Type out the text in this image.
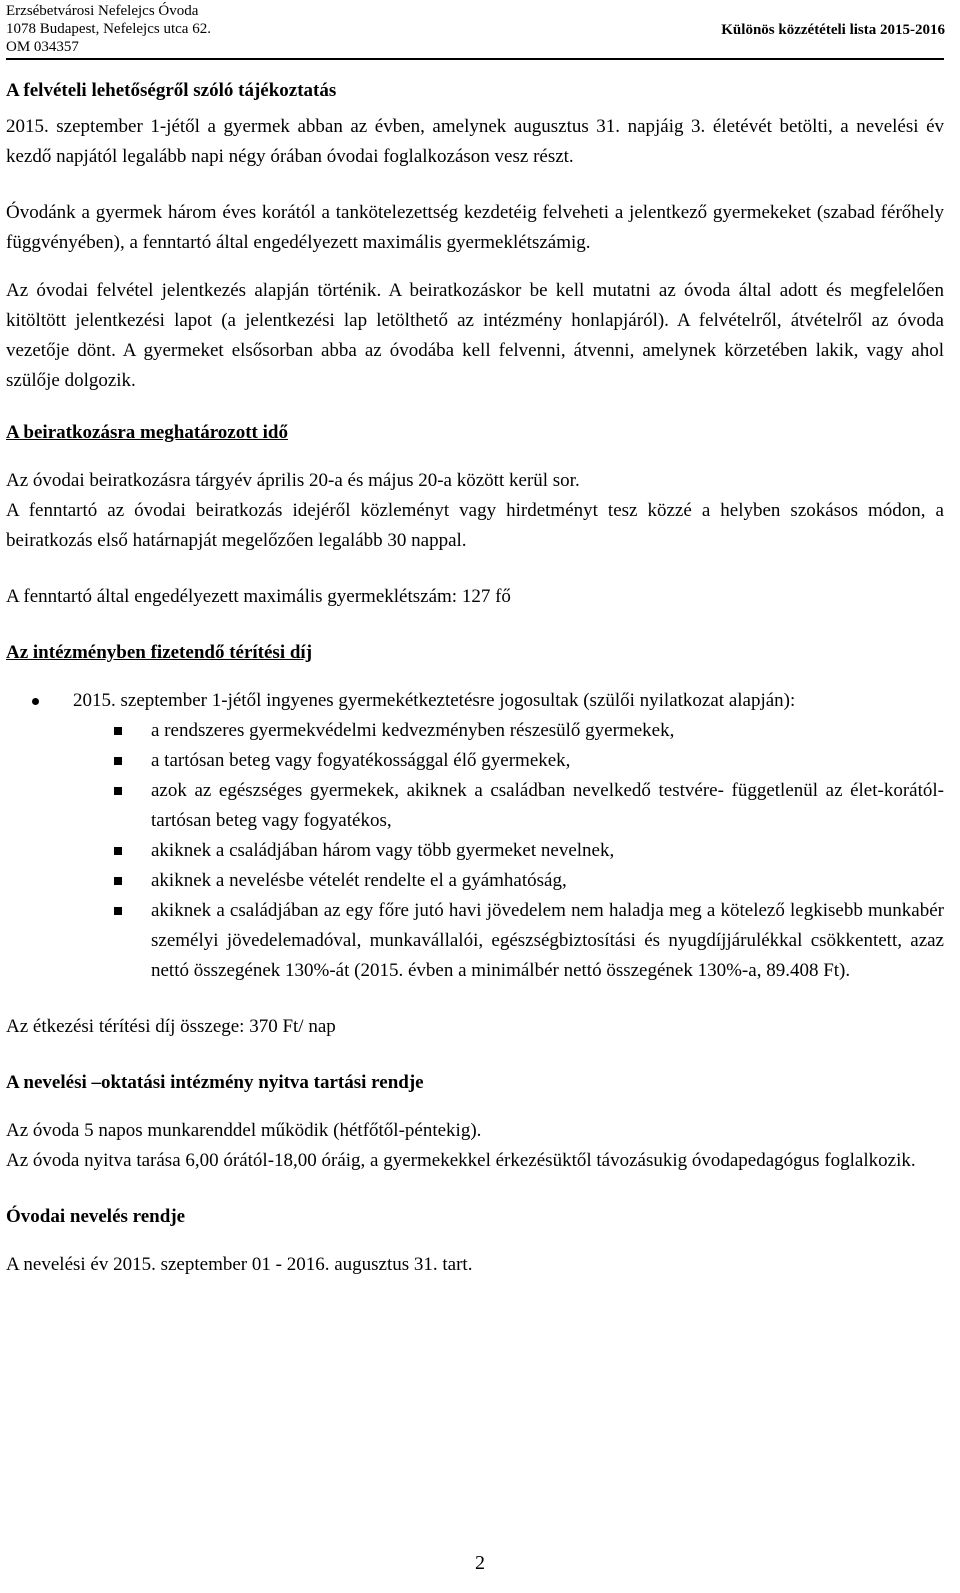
Erzsébetvárosi Nefelejcs Óvoda
1078 Budapest, Nefelejcs utca 62.
OM 034357
Különös közzétételi lista 2015-2016

A felvételi lehetőségről szóló tájékoztatás

2015. szeptember 1-jétől a gyermek abban az évben, amelynek augusztus 31. napjáig 3. életévét betölti, a nevelési év kezdő napjától legalább napi négy órában óvodai foglalkozáson vesz részt.

Óvodánk a gyermek három éves korától a tankötelezettség kezdetéig felveheti a jelentkező gyermekeket (szabad férőhely függvényében), a fenntartó által engedélyezett maximális gyermeklétszámig.

Az óvodai felvétel jelentkezés alapján történik. A beiratkozáskor be kell mutatni az óvoda által adott és megfelelően kitöltött jelentkezési lapot (a jelentkezési lap letölthető az intézmény honlapjáról). A felvételről, átvételről az óvoda vezetője dönt. A gyermeket elsősorban abba az óvodába kell felvenni, átvenni, amelynek körzetében lakik, vagy ahol szülője dolgozik.

A beiratkozásra meghatározott idő

Az óvodai beiratkozásra tárgyév április 20-a és május 20-a között kerül sor.

A fenntartó az óvodai beiratkozás idejéről közleményt vagy hirdetményt tesz közzé a helyben szokásos módon, a beiratkozás első határnapját megelőzően legalább 30 nappal.

A fenntartó által engedélyezett maximális gyermeklétszám: 127 fő

Az intézményben fizetendő térítési díj

2015. szeptember 1-jétől ingyenes gyermekétkeztetésre jogosultak (szülői nyilatkozat alapján):
a rendszeres gyermekvédelmi kedvezményben részesülő gyermekek,
a tartósan beteg vagy fogyatékossággal élő gyermekek,
azok az egészséges gyermekek, akiknek a családban nevelkedő testvére- függetlenül az élet-korától- tartósan beteg vagy fogyatékos,
akiknek a családjában három vagy több gyermeket nevelnek,
akiknek a nevelésbe vételét rendelte el a gyámhatóság,
akiknek a családjában az egy főre jutó havi jövedelem nem haladja meg a kötelező legkisebb munkabér személyi jövedelemadóval, munkavállalói, egészségbiztosítási és nyugdíjjárulékkal csökkentett, azaz nettó összegének 130%-át (2015. évben a minimálbér nettó összegének 130%-a, 89.408 Ft).

Az étkezési térítési díj összege: 370 Ft/ nap

A nevelési –oktatási intézmény nyitva tartási rendje

Az óvoda 5 napos munkarenddel működik (hétfőtől-péntekig).

Az óvoda nyitva tarása 6,00 órától-18,00 óráig, a gyermekekkel érkezésüktől távozásukig óvodapedagógus foglalkozik.

Óvodai nevelés rendje

A nevelési év 2015. szeptember 01 - 2016. augusztus 31. tart.

2
